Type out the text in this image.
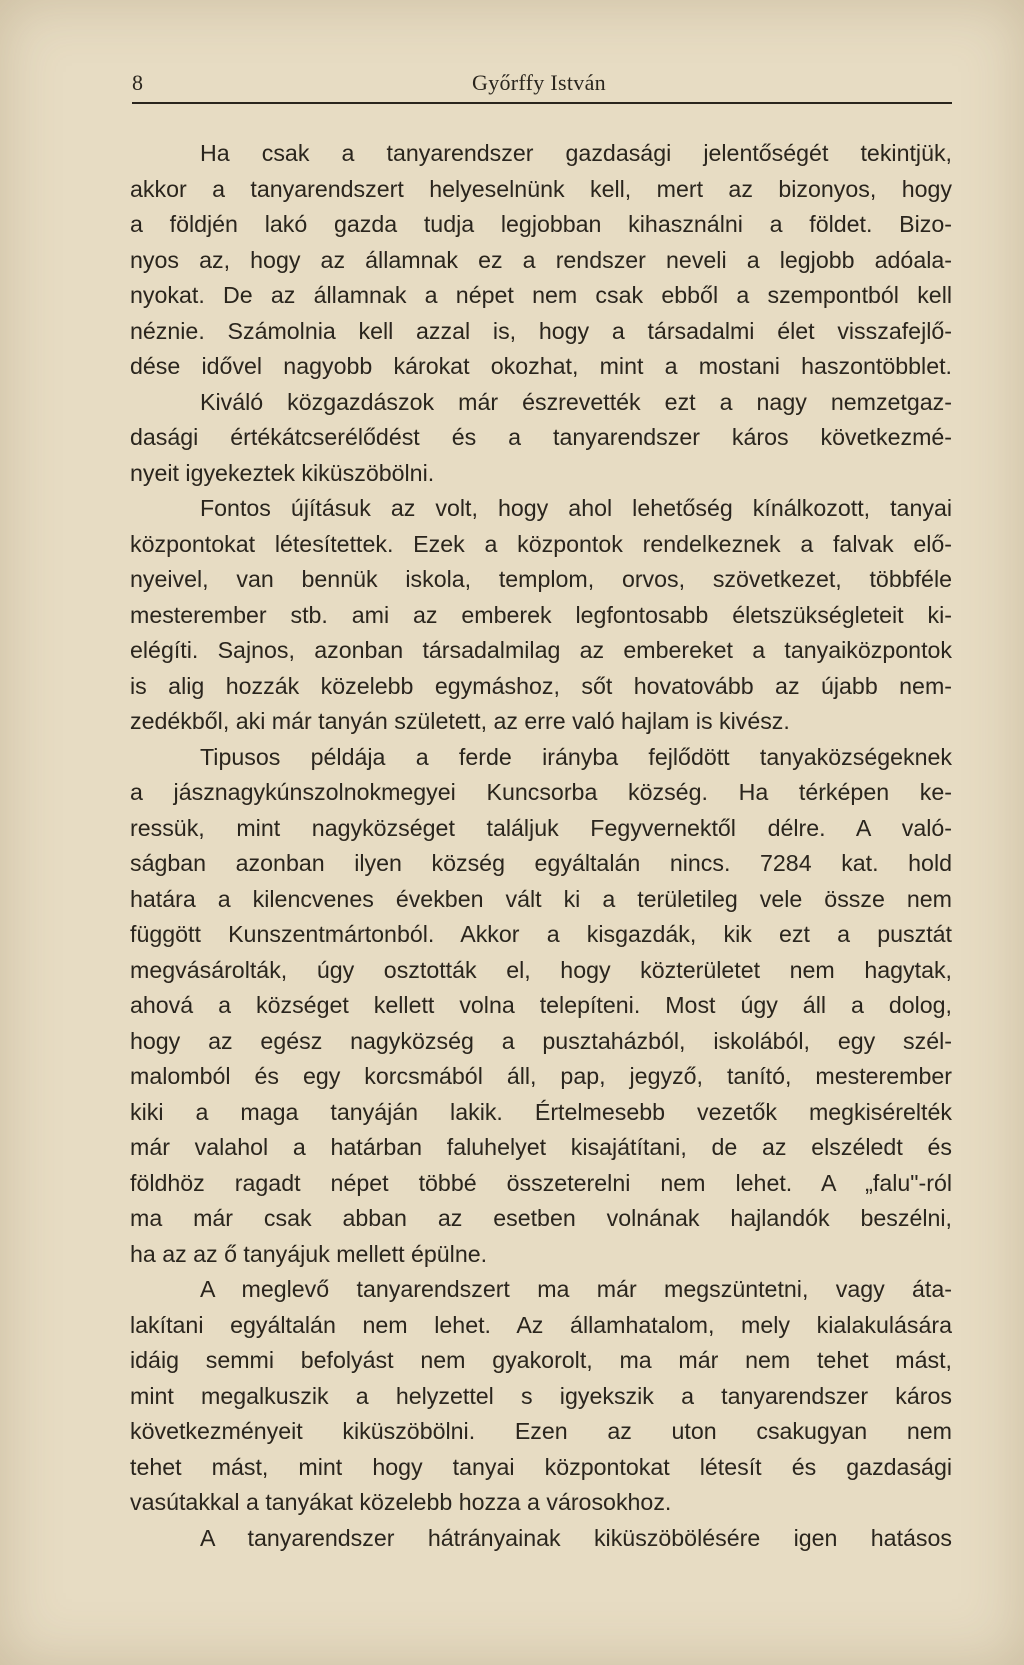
8	Győrffy István
Ha csak a tanyarendszer gazdasági jelentőségét tekintjük,
akkor a tanyarendszert helyeselnünk kell, mert az bizonyos, hogy
a földjén lakó gazda tudja legjobban kihasználni a földet. Bizo-
nyos az, hogy az államnak ez a rendszer neveli a legjobb adóala-
nyokat. De az államnak a népet nem csak ebből a szempontból kell
néznie. Számolnia kell azzal is, hogy a társadalmi élet visszafejlő-
dése idővel nagyobb károkat okozhat, mint a mostani haszontöbblet.
Kiváló közgazdászok már észrevették ezt a nagy nemzetgaz-
dasági értékátcserélődést és a tanyarendszer káros következmé-
nyeit igyekeztek kiküszöbölni.
Fontos újításuk az volt, hogy ahol lehetőség kínálkozott, tanyai
központokat létesítettek. Ezek a központok rendelkeznek a falvak elő-
nyeivel, van bennük iskola, templom, orvos, szövetkezet, többféle
mesterember stb. ami az emberek legfontosabb életszükségleteit ki-
elégíti. Sajnos, azonban társadalmilag az embereket a tanyaiközpontok
is alig hozzák közelebb egymáshoz, sőt hovatovább az újabb nem-
zedékből, aki már tanyán született, az erre való hajlam is kivész.
Tipusos példája a ferde irányba fejlődött tanyaközségeknek
a jásznagykúnszolnokmegyei Kuncsorba község. Ha térképen ke-
ressük, mint nagyközséget találjuk Fegyvernektől délre. A való-
ságban azonban ilyen község egyáltalán nincs. 7284 kat. hold
határa a kilencvenes években vált ki a területileg vele össze nem
függött Kunszentmártonból. Akkor a kisgazdák, kik ezt a pusztát
megvásárolták, úgy osztották el, hogy közterületet nem hagytak,
ahová a községet kellett volna telepíteni. Most úgy áll a dolog,
hogy az egész nagyközség a pusztaházból, iskolából, egy szél-
malomból és egy korcsmából áll, pap, jegyző, tanító, mesterember
kiki a maga tanyáján lakik. Értelmesebb vezetők megkisérelték
már valahol a határban faluhelyet kisajátítani, de az elszéledt és
földhöz ragadt népet többé összeterelni nem lehet. A „falu"-ról
ma már csak abban az esetben volnának hajlandók beszélni,
ha az az ő tanyájuk mellett épülne.
A meglevő tanyarendszert ma már megszüntetni, vagy áta-
lakítani egyáltalán nem lehet. Az államhatalom, mely kialakulására
idáig semmi befolyást nem gyakorolt, ma már nem tehet mást,
mint megalkuszik a helyzettel s igyekszik a tanyarendszer káros
következményeit kiküszöbölni. Ezen az uton csakugyan nem
tehet mást, mint hogy tanyai központokat létesít és gazdasági
vasútakkal a tanyákat közelebb hozza a városokhoz.
A tanyarendszer hátrányainak kiküszöbölésére igen hatásos
